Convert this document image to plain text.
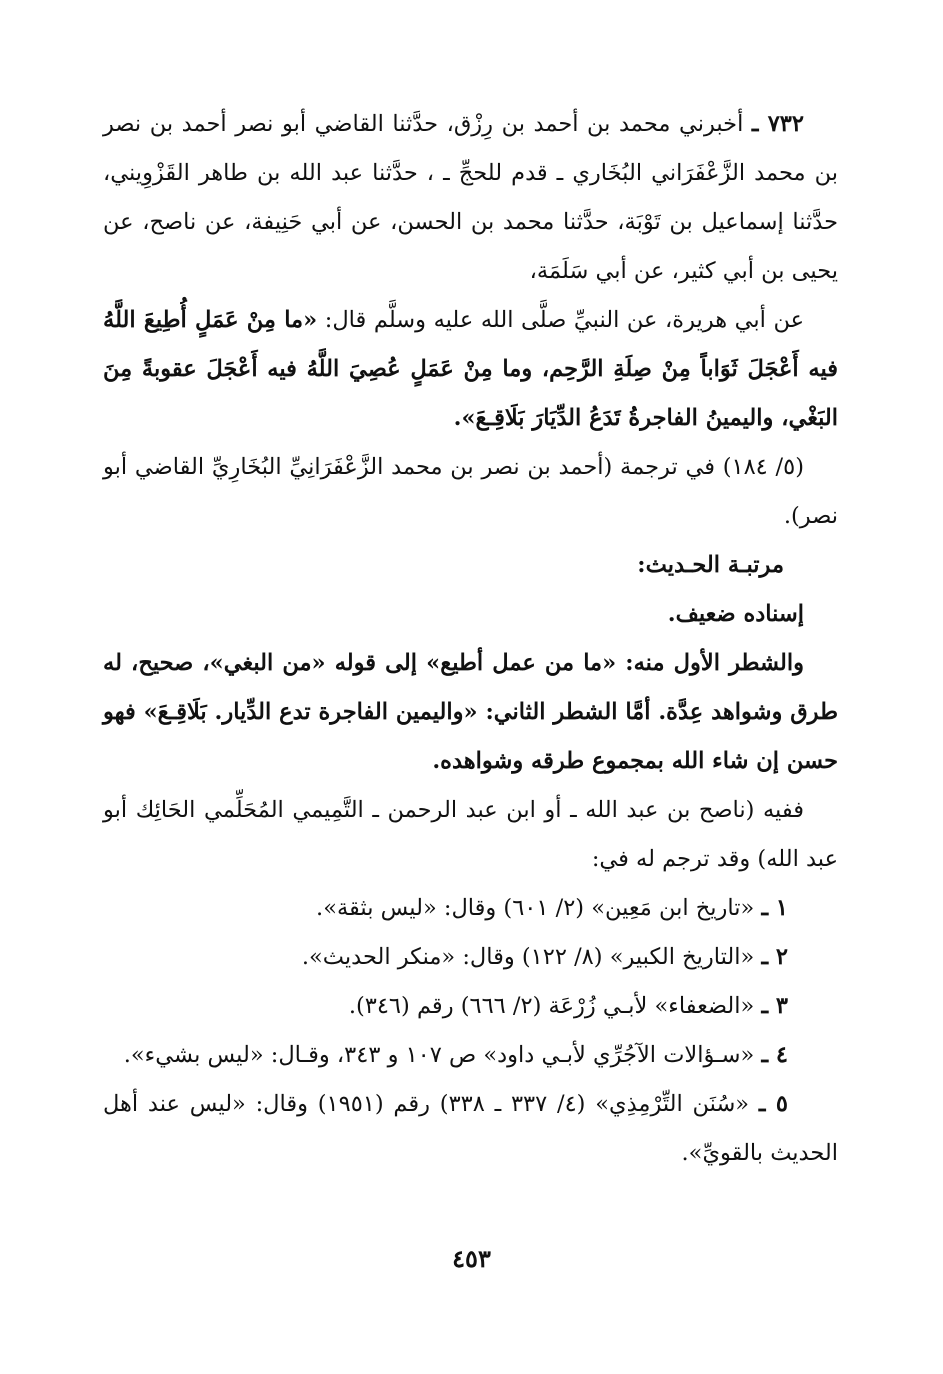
٧٣٢ ـ أخبرني محمد بن أحمد بن رِزْق، حدَّثنا القاضي أبو نصر أحمد بن نصر بن محمد الزَّعْفَرَاني البُخَاري ـ قدم للحجِّ ـ ، حدَّثنا عبد الله بن طاهر القَزْوِيني، حدَّثنا إسماعيل بن تَوْبَة، حدَّثنا محمد بن الحسن، عن أبي حَنِيفة، عن ناصح، عن يحيى بن أبي كثير، عن أبي سَلَمَة،

عن أبي هريرة، عن النبيِّ صلَّى الله عليه وسلَّم قال: «ما مِنْ عَمَلٍ أُطِيعَ اللَّهُ فيه أَعْجَلَ ثَوَاباً مِنْ صِلَةِ الرَّحِم، وما مِنْ عَمَلٍ عُصِيَ اللَّهُ فيه أَعْجَلَ عقوبةً مِنَ البَغْي، واليمينُ الفاجرةُ تَدَعُ الدِّيَارَ بَلَاقِـعَ».

(٥/ ١٨٤) في ترجمة (أحمد بن نصر بن محمد الزَّعْفَرَانِيِّ البُخَارِيِّ القاضي أبو نصر).

مرتبـة الحـديث:

إسناده ضعيف.

والشطر الأول منه: «ما من عمل أطيع» إلى قوله «من البغي»، صحيح، له طرق وشواهد عِدَّة. أمَّا الشطر الثاني: «واليمين الفاجرة تدع الدِّيار. بَلَاقِـعَ» فهو حسن إن شاء الله بمجموع طرقه وشواهده.

ففيه (ناصح بن عبد الله ـ أو ابن عبد الرحمن ـ التَّمِيمي المُحَلِّمي الحَائِك أبو عبد الله) وقد ترجم له في:

١ ـ «تاريخ ابن مَعِين» (٢/ ٦٠١) وقال: «ليس بثقة».

٢ ـ «التاريخ الكبير» (٨/ ١٢٢) وقال: «منكر الحديث».

٣ ـ «الضعفاء» لأبـي زُرْعَة (٢/ ٦٦٦) رقم (٣٤٦).

٤ ـ «سـؤالات الآجُرِّي لأبـي داود» ص ١٠٧ و ٣٤٣، وقـال: «ليس بشيء».

٥ ـ «سُنَن التِّرْمِذِي» (٤/ ٣٣٧ ـ ٣٣٨) رقم (١٩٥١) وقال: «ليس عند أهل الحديث بالقويِّ».

٤٥٣
